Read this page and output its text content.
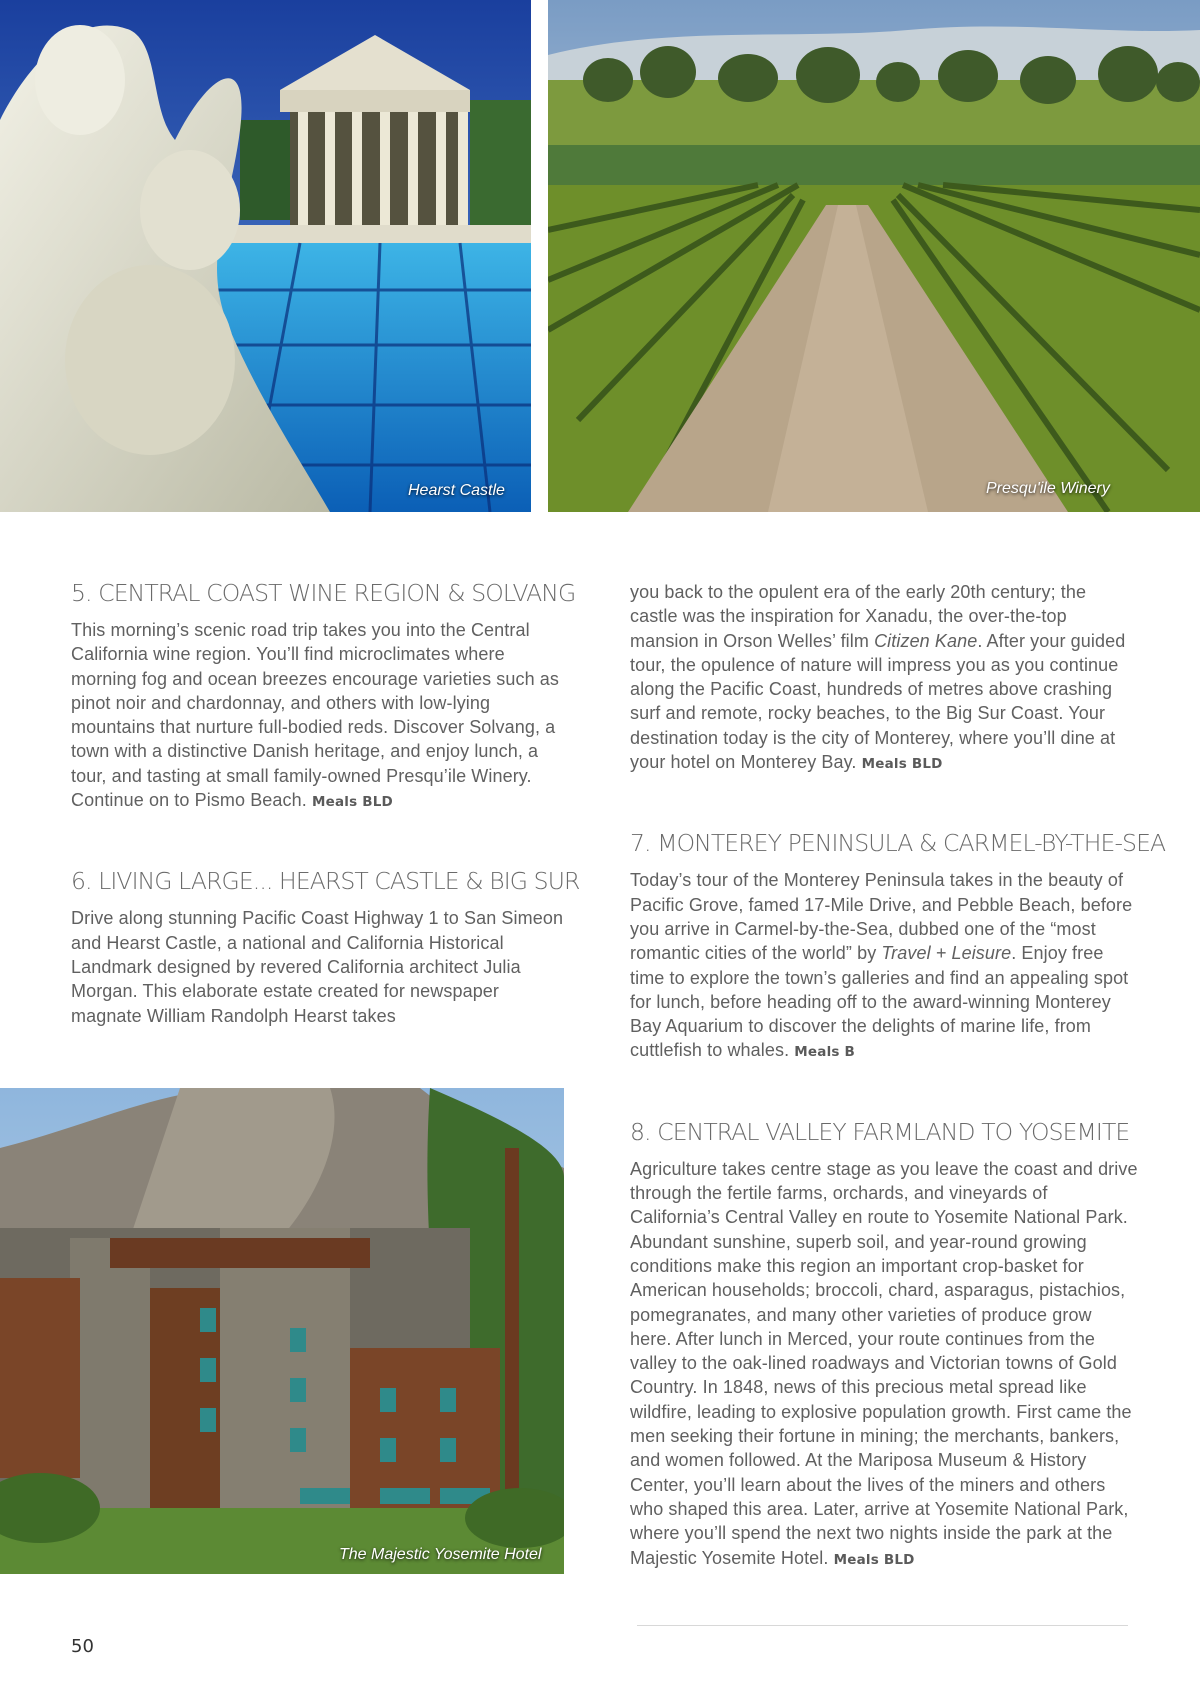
Hearst Castle	Presqu'ile Winery
The Majestic Yosemite Hotel
5. CENTRAL COAST WINE REGION & SOLVANG

This morning’s scenic road trip takes you into the Central California wine region. You’ll find microclimates where morning fog and ocean breezes encourage varieties such as pinot noir and chardonnay, and others with low-lying mountains that nurture full-bodied reds. Discover Solvang, a town with a distinctive Danish heritage, and enjoy lunch, a tour, and tasting at small family-owned Presqu’ile Winery. Continue on to Pismo Beach. Meals BLD

6. LIVING LARGE... HEARST CASTLE & BIG SUR

Drive along stunning Pacific Coast Highway 1 to San Simeon and Hearst Castle, a national and California Historical Landmark designed by revered California architect Julia Morgan. This elaborate estate created for newspaper magnate William Randolph Hearst takes

you back to the opulent era of the early 20th century; the castle was the inspiration for Xanadu, the over-the-top mansion in Orson Welles’ film Citizen Kane. After your guided tour, the opulence of nature will impress you as you continue along the Pacific Coast, hundreds of metres above crashing surf and remote, rocky beaches, to the Big Sur Coast. Your destination today is the city of Monterey, where you’ll dine at your hotel on Monterey Bay. Meals BLD

7. MONTEREY PENINSULA & CARMEL-BY-THE-SEA

Today’s tour of the Monterey Peninsula takes in the beauty of Pacific Grove, famed 17-Mile Drive, and Pebble Beach, before you arrive in Carmel-by-the-Sea, dubbed one of the “most romantic cities of the world” by Travel + Leisure. Enjoy free time to explore the town’s galleries and find an appealing spot for lunch, before heading off to the award-winning Monterey Bay Aquarium to discover the delights of marine life, from cuttlefish to whales. Meals B

8. CENTRAL VALLEY FARMLAND TO YOSEMITE

Agriculture takes centre stage as you leave the coast and drive through the fertile farms, orchards, and vineyards of California’s Central Valley en route to Yosemite National Park. Abundant sunshine, superb soil, and year-round growing conditions make this region an important crop-basket for American households; broccoli, chard, asparagus, pistachios, pomegranates, and many other varieties of produce grow here. After lunch in Merced, your route continues from the valley to the oak-lined roadways and Victorian towns of Gold Country. In 1848, news of this precious metal spread like wildfire, leading to explosive population growth. First came the men seeking their fortune in mining; the merchants, bankers, and women followed. At the Mariposa Museum & History Center, you’ll learn about the lives of the miners and others who shaped this area. Later, arrive at Yosemite National Park, where you’ll spend the next two nights inside the park at the Majestic Yosemite Hotel. Meals BLD

50
